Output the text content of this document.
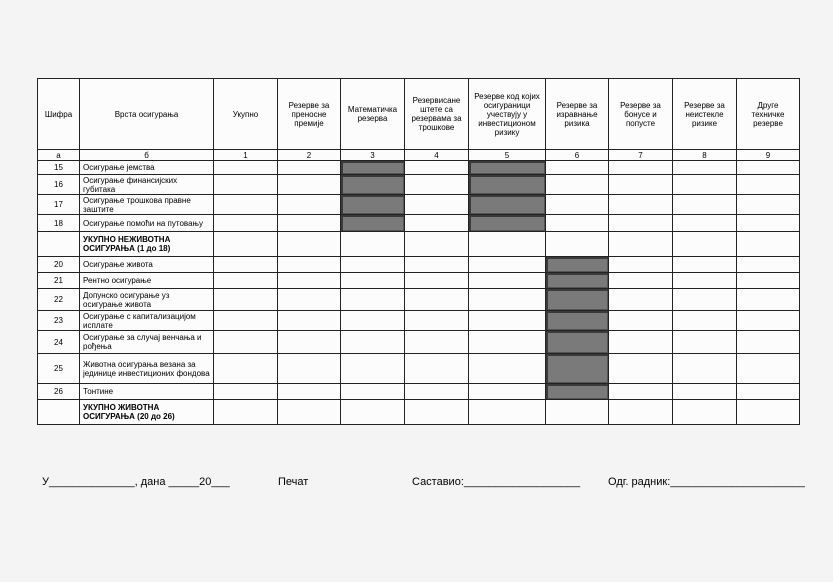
Шифра	Врста осигурања	Укупно	Резерве за преносне премије	Математичка резерва	Резервисане штете са резервама за трошкове	Резерве код којих осигураници учествују у инвестиционом ризику	Резерве за изравнање ризика	Резерве за бонусе и попусте	Резерве за неистекле ризике	Друге техничке резерве
а	б	1	2	3	4	5	6	7	8	9
15	Осигурање јемства									
16	Осигурање финансијских губитака									
17	Осигурање трошкова правне заштите									
18	Осигурање помоћи на путовању									
	УКУПНО НЕЖИВОТНА ОСИГУРАЊА (1 до 18)									
20	Осигурање живота									
21	Рентно осигурање									
22	Допунско осигурање уз осигурање живота									
23	Осигурање с капитализацијом исплате									
24	Осигурање за случај венчања и рођења									
25	Животна осигурања везана за јединице инвестиционих фондова									
26	Тонтине									
	УКУПНО ЖИВОТНА ОСИГУРАЊА (20 до 26)									
У______________, дана _____20___	Печат	Саставио:___________________	Одг. радник:______________________
